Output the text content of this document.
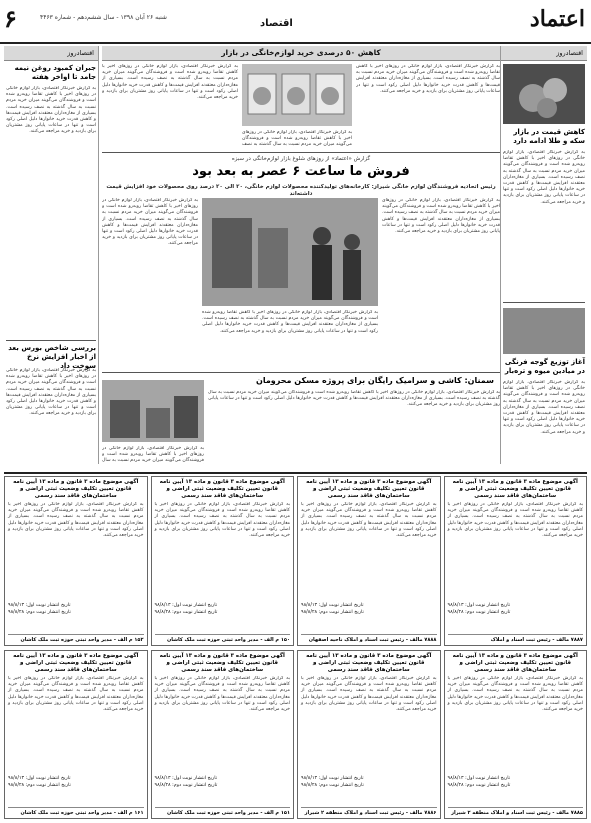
۶	شنبه ۲۶ آبان ۱۳۹۸ - سال ششم‌دهم - شماره ۴۴۶۳
اقتصاد	اعتماد
اقتصادروز
کاهش قیمت در بازار سکه و طلا ادامه دارد
به گزارش خبرنگار اقتصادی، بازار لوازم خانگی در روزهای اخیر با کاهش تقاضا روبه‌رو شده است و فروشندگان می‌گویند میزان خرید مردم نسبت به سال گذشته به نصف رسیده است. بسیاری از مغازه‌داران معتقدند افزایش قیمت‌ها و کاهش قدرت خرید خانوارها دلیل اصلی رکود است و تنها در ساعات پایانی روز مشتریان برای بازدید و خرید مراجعه می‌کنند.
آغاز توزیع گوجه فرنگی در میادین میوه و تره‌بار
به گزارش خبرنگار اقتصادی، بازار لوازم خانگی در روزهای اخیر با کاهش تقاضا روبه‌رو شده است و فروشندگان می‌گویند میزان خرید مردم نسبت به سال گذشته به نصف رسیده است. بسیاری از مغازه‌داران معتقدند افزایش قیمت‌ها و کاهش قدرت خرید خانوارها دلیل اصلی رکود است و تنها در ساعات پایانی روز مشتریان برای بازدید و خرید مراجعه می‌کنند.
اقتصادروز
جبران کمبود روغن نیمه جامد تا اواخر هفته
به گزارش خبرنگار اقتصادی، بازار لوازم خانگی در روزهای اخیر با کاهش تقاضا روبه‌رو شده است و فروشندگان می‌گویند میزان خرید مردم نسبت به سال گذشته به نصف رسیده است. بسیاری از مغازه‌داران معتقدند افزایش قیمت‌ها و کاهش قدرت خرید خانوارها دلیل اصلی رکود است و تنها در ساعات پایانی روز مشتریان برای بازدید و خرید مراجعه می‌کنند.
بررسی شاخص بورس بعد از اخبار افزایش نرخ سوخت داد
به گزارش خبرنگار اقتصادی، بازار لوازم خانگی در روزهای اخیر با کاهش تقاضا روبه‌رو شده است و فروشندگان می‌گویند میزان خرید مردم نسبت به سال گذشته به نصف رسیده است. بسیاری از مغازه‌داران معتقدند افزایش قیمت‌ها و کاهش قدرت خرید خانوارها دلیل اصلی رکود است و تنها در ساعات پایانی روز مشتریان برای بازدید و خرید مراجعه می‌کنند.
کاهش ۵۰ درصدی خرید لوازم‌خانگی در بازار
به گزارش خبرنگار اقتصادی، بازار لوازم خانگی در روزهای اخیر با کاهش تقاضا روبه‌رو شده است و فروشندگان می‌گویند میزان خرید مردم نسبت به سال گذشته به نصف رسیده است. بسیاری از مغازه‌داران معتقدند افزایش قیمت‌ها و کاهش قدرت خرید خانوارها دلیل اصلی رکود است و تنها در ساعات پایانی روز مشتریان برای بازدید و خرید مراجعه می‌کنند.
به گزارش خبرنگار اقتصادی، بازار لوازم خانگی در روزهای اخیر با کاهش تقاضا روبه‌رو شده است و فروشندگان می‌گویند میزان خرید مردم نسبت به سال گذشته به نصف رسیده است. بسیاری از مغازه‌داران معتقدند افزایش قیمت‌ها و کاهش قدرت خرید خانوارها دلیل اصلی رکود است و تنها در ساعات پایانی روز مشتریان برای بازدید و خرید مراجعه می‌کنند.
به گزارش خبرنگار اقتصادی، بازار لوازم خانگی در روزهای اخیر با کاهش تقاضا روبه‌رو شده است و فروشندگان می‌گویند میزان خرید مردم نسبت به سال گذشته به نصف
گزارش «اعتماد» از روزهای شلوغ بازار لوازم‌خانگی در سبزه
فروش ما ساعت ۶ عصر به بعد بود
رئیس اتحادیه فروشندگان لوازم خانگی شیراز: کارخانه‌های تولیدکننده محصولات لوازم خانگی، ۲۰ الی ۲۰ درصد روی محصولات خود افزایش قیمت داشته‌اند
به گزارش خبرنگار اقتصادی، بازار لوازم خانگی در روزهای اخیر با کاهش تقاضا روبه‌رو شده است و فروشندگان می‌گویند میزان خرید مردم نسبت به سال گذشته به نصف رسیده است. بسیاری از مغازه‌داران معتقدند افزایش قیمت‌ها و کاهش قدرت خرید خانوارها دلیل اصلی رکود است و تنها در ساعات پایانی روز مشتریان برای بازدید و خرید مراجعه می‌کنند.
به گزارش خبرنگار اقتصادی، بازار لوازم خانگی در روزهای اخیر با کاهش تقاضا روبه‌رو شده است و فروشندگان می‌گویند میزان خرید مردم نسبت به سال گذشته به نصف رسیده است. بسیاری از مغازه‌داران معتقدند افزایش قیمت‌ها و کاهش قدرت خرید خانوارها دلیل اصلی رکود است و تنها در ساعات پایانی روز مشتریان برای بازدید و خرید مراجعه می‌کنند.
به گزارش خبرنگار اقتصادی، بازار لوازم خانگی در روزهای اخیر با کاهش تقاضا روبه‌رو شده است و فروشندگان می‌گویند میزان خرید مردم نسبت به سال گذشته به نصف رسیده است. بسیاری از مغازه‌داران معتقدند افزایش قیمت‌ها و کاهش قدرت خرید خانوارها دلیل اصلی رکود است و تنها در ساعات پایانی روز مشتریان برای بازدید و خرید مراجعه می‌کنند.
سمنان: کاشی و سرامیک رایگان برای پروژه مسکن محرومان
به گزارش خبرنگار اقتصادی، بازار لوازم خانگی در روزهای اخیر با کاهش تقاضا روبه‌رو شده است و فروشندگان می‌گویند میزان خرید مردم نسبت به سال گذشته به نصف رسیده است. بسیاری از مغازه‌داران معتقدند افزایش قیمت‌ها و کاهش قدرت خرید خانوارها دلیل اصلی رکود است و تنها در ساعات پایانی روز مشتریان برای بازدید و خرید مراجعه می‌کنند.
به گزارش خبرنگار اقتصادی، بازار لوازم خانگی در روزهای اخیر با کاهش تقاضا روبه‌رو شده است و فروشندگان می‌گویند میزان خرید مردم نسبت به سال
آگهی موضوع ماده ۳ قانون و ماده ۱۳ آیین نامه قانون تعیین تکلیف وضعیت ثبتی اراضی و ساختمان‌های فاقد سند رسمی
به گزارش خبرنگار اقتصادی، بازار لوازم خانگی در روزهای اخیر با کاهش تقاضا روبه‌رو شده است و فروشندگان می‌گویند میزان خرید مردم نسبت به سال گذشته به نصف رسیده است. بسیاری از مغازه‌داران معتقدند افزایش قیمت‌ها و کاهش قدرت خرید خانوارها دلیل اصلی رکود است و تنها در ساعات پایانی روز مشتریان برای بازدید و خرید مراجعه می‌کنند.
تاریخ انتشار نوبت اول: ۹۸/۸/۱۳
تاریخ انتشار نوبت دوم: ۹۸/۸/۲۸
۷۸۸۷ مالف - رئیس ثبت اسناد و املاک
آگهی موضوع ماده ۳ قانون و ماده ۱۳ آیین نامه قانون تعیین تکلیف وضعیت ثبتی اراضی و ساختمان‌های فاقد سند رسمی
به گزارش خبرنگار اقتصادی، بازار لوازم خانگی در روزهای اخیر با کاهش تقاضا روبه‌رو شده است و فروشندگان می‌گویند میزان خرید مردم نسبت به سال گذشته به نصف رسیده است. بسیاری از مغازه‌داران معتقدند افزایش قیمت‌ها و کاهش قدرت خرید خانوارها دلیل اصلی رکود است و تنها در ساعات پایانی روز مشتریان برای بازدید و خرید مراجعه می‌کنند.
تاریخ انتشار نوبت اول: ۹۸/۸/۱۳
تاریخ انتشار نوبت دوم: ۹۸/۸/۲۸
۷۸۸۸ مالف - رئیس ثبت اسناد و املاک ناحیه اصفهان
آگهی موضوع ماده ۳ قانون و ماده ۱۳ آیین نامه قانون تعیین تکلیف وضعیت ثبتی اراضی و ساختمان‌های فاقد سند رسمی
به گزارش خبرنگار اقتصادی، بازار لوازم خانگی در روزهای اخیر با کاهش تقاضا روبه‌رو شده است و فروشندگان می‌گویند میزان خرید مردم نسبت به سال گذشته به نصف رسیده است. بسیاری از مغازه‌داران معتقدند افزایش قیمت‌ها و کاهش قدرت خرید خانوارها دلیل اصلی رکود است و تنها در ساعات پایانی روز مشتریان برای بازدید و خرید مراجعه می‌کنند.
تاریخ انتشار نوبت اول: ۹۸/۸/۱۳
تاریخ انتشار نوبت دوم: ۹۸/۸/۲۸
۱۵۰ م الف - مدیر واحد ثبتی حوزه ثبت ملک کاشان
آگهی موضوع ماده ۳ قانون و ماده ۱۳ آیین نامه قانون تعیین تکلیف وضعیت ثبتی اراضی و ساختمان‌های فاقد سند رسمی
به گزارش خبرنگار اقتصادی، بازار لوازم خانگی در روزهای اخیر با کاهش تقاضا روبه‌رو شده است و فروشندگان می‌گویند میزان خرید مردم نسبت به سال گذشته به نصف رسیده است. بسیاری از مغازه‌داران معتقدند افزایش قیمت‌ها و کاهش قدرت خرید خانوارها دلیل اصلی رکود است و تنها در ساعات پایانی روز مشتریان برای بازدید و خرید مراجعه می‌کنند.
تاریخ انتشار نوبت اول: ۹۸/۸/۱۳
تاریخ انتشار نوبت دوم: ۹۸/۸/۲۸
۱۵۲ م الف - مدیر واحد ثبتی حوزه ثبت ملک کاشان
آگهی موضوع ماده ۳ قانون و ماده ۱۳ آیین نامه قانون تعیین تکلیف وضعیت ثبتی اراضی و ساختمان‌های فاقد سند رسمی
به گزارش خبرنگار اقتصادی، بازار لوازم خانگی در روزهای اخیر با کاهش تقاضا روبه‌رو شده است و فروشندگان می‌گویند میزان خرید مردم نسبت به سال گذشته به نصف رسیده است. بسیاری از مغازه‌داران معتقدند افزایش قیمت‌ها و کاهش قدرت خرید خانوارها دلیل اصلی رکود است و تنها در ساعات پایانی روز مشتریان برای بازدید و خرید مراجعه می‌کنند.
تاریخ انتشار نوبت اول: ۹۸/۸/۱۳
تاریخ انتشار نوبت دوم: ۹۸/۸/۲۸
۷۸۸۵ مالف - رئیس ثبت اسناد و املاک منطقه ۲ شیراز
آگهی موضوع ماده ۳ قانون و ماده ۱۳ آیین نامه قانون تعیین تکلیف وضعیت ثبتی اراضی و ساختمان‌های فاقد سند رسمی
به گزارش خبرنگار اقتصادی، بازار لوازم خانگی در روزهای اخیر با کاهش تقاضا روبه‌رو شده است و فروشندگان می‌گویند میزان خرید مردم نسبت به سال گذشته به نصف رسیده است. بسیاری از مغازه‌داران معتقدند افزایش قیمت‌ها و کاهش قدرت خرید خانوارها دلیل اصلی رکود است و تنها در ساعات پایانی روز مشتریان برای بازدید و خرید مراجعه می‌کنند.
تاریخ انتشار نوبت اول: ۹۸/۸/۱۳
تاریخ انتشار نوبت دوم: ۹۸/۸/۲۸
۷۸۸۶ مالف - رئیس ثبت اسناد و املاک منطقه ۲ شیراز
آگهی موضوع ماده ۳ قانون و ماده ۱۳ آیین نامه قانون تعیین تکلیف وضعیت ثبتی اراضی و ساختمان‌های فاقد سند رسمی
به گزارش خبرنگار اقتصادی، بازار لوازم خانگی در روزهای اخیر با کاهش تقاضا روبه‌رو شده است و فروشندگان می‌گویند میزان خرید مردم نسبت به سال گذشته به نصف رسیده است. بسیاری از مغازه‌داران معتقدند افزایش قیمت‌ها و کاهش قدرت خرید خانوارها دلیل اصلی رکود است و تنها در ساعات پایانی روز مشتریان برای بازدید و خرید مراجعه می‌کنند.
تاریخ انتشار نوبت اول: ۹۸/۸/۱۳
تاریخ انتشار نوبت دوم: ۹۸/۸/۲۸
۱۵۱ م الف - مدیر واحد ثبتی حوزه ثبت ملک کاشان
آگهی موضوع ماده ۳ قانون و ماده ۱۳ آیین نامه قانون تعیین تکلیف وضعیت ثبتی اراضی و ساختمان‌های فاقد سند رسمی
به گزارش خبرنگار اقتصادی، بازار لوازم خانگی در روزهای اخیر با کاهش تقاضا روبه‌رو شده است و فروشندگان می‌گویند میزان خرید مردم نسبت به سال گذشته به نصف رسیده است. بسیاری از مغازه‌داران معتقدند افزایش قیمت‌ها و کاهش قدرت خرید خانوارها دلیل اصلی رکود است و تنها در ساعات پایانی روز مشتریان برای بازدید و خرید مراجعه می‌کنند.
تاریخ انتشار نوبت اول: ۹۸/۸/۱۳
تاریخ انتشار نوبت دوم: ۹۸/۸/۲۸
۱۶۱ م الف - مدیر واحد ثبتی حوزه ثبت ملک کاشان
